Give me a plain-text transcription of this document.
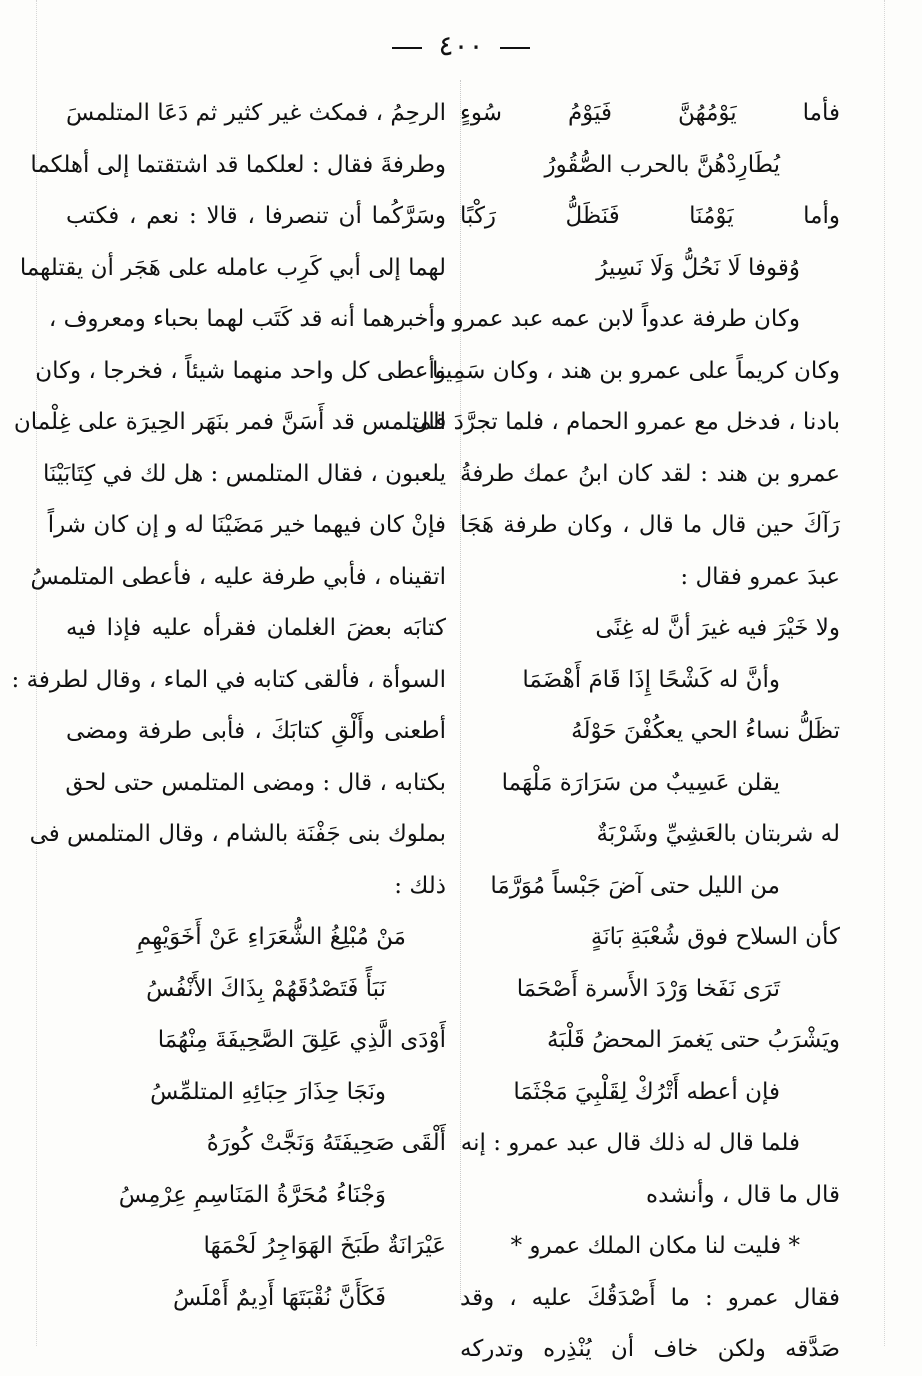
٤٠٠
فأما يَوْمُهُنَّ فَيَوْمُ سُوءٍ
يُطَارِدْهُنَّ بالحرب الصُّقُورُ
وأما يَوْمُنَا فَنَظَلُّ رَكْبًا
وُقوفا لَا نَحُلُّ وَلَا نَسِيرُ
وكان طرفة عدواً لابن عمه عبد عمرو ،
وكان كريماً على عمرو بن هند ، وكان سَمِينا
بادنا ، فدخل مع عمرو الحمام ، فلما تجرَّدَ قال
عمرو بن هند : لقد كان ابنُ عمك طرفةُ
رَآكَ حين قال ما قال ، وكان طرفة هَجَا
عبدَ عمرو فقال :
ولا خَيْرَ فيه غيرَ أنَّ له غِنًى
وأنَّ له كَشْحًا إِذَا قَامَ أَهْضَمَا
تظَلُّ نساءُ الحي يعكُفْنَ حَوْلَهُ
يقلن عَسِيبٌ من سَرَارَة مَلْهَما
له شربتان بالعَشِيِّ وشَرْبَةٌ
من الليل حتى آضَ جَبْساً مُوَرَّمَا
كأن السلاح فوق شُعْبَةِ بَانَةٍ
تَرَى نَفَخا وَرْدَ الأَسرة أَصْحَمَا
ويَشْرَبُ حتى يَغمرَ المحضُ قَلْبَهُ
فإن أعطه أَتْرُكْ لِقَلْبِيَ مَجْثَمَا
فلما قال له ذلك قال عبد عمرو : إنه
قال ما قال ، وأنشده
* فليت لنا مكان الملك عمرو *
فقال عمرو : ما أَصْدَقُكَ عليه ، وقد
صَدَّقه ولكن خاف أن يُنْذِره وتدركه
الرحِمُ ، فمكث غير كثير ثم دَعَا المتلمسَ
وطرفةَ فقال : لعلكما قد اشتقتما إلى أهلكما
وسَرَّكُما أن تنصرفا ، قالا : نعم ، فكتب
لهما إلى أبي كَرِب عامله على هَجَر أن يقتلهما
وأخبرهما أنه قد كَتَب لهما بحباء ومعروف ،
وأعطى كل واحد منهما شيئاً ، فخرجا ، وكان
المتلمس قد أَسَنَّ فمر بنَهَر الحِيرَة على غِلْمان
يلعبون ، فقال المتلمس : هل لك في كِتَابَيْنَا
فإنْ كان فيهما خير مَضَيْنَا له و إن كان شراً
اتقيناه ، فأبي طرفة عليه ، فأعطى المتلمسُ
كتابَه بعضَ الغلمان فقرأه عليه فإذا فيه
السوأة ، فألقى كتابه في الماء ، وقال لطرفة :
أطعنى وأَلْقِ كتابَكَ ، فأبى طرفة ومضى
بكتابه ، قال : ومضى المتلمس حتى لحق
بملوك بنى جَفْنَة بالشام ، وقال المتلمس فى
ذلك :
مَنْ مُبْلِغُ الشُّعَرَاءِ عَنْ أَخَوَيْهِمِ
نَبَأً فَتَصْدُقَهُمْ بِذَاكَ الأَنْفُسُ
أَوْدَى الَّذِي عَلِقَ الصَّحِيفَةَ مِنْهُمَا
ونَجَا حِذَارَ حِبَائِهِ المتلمِّسُ
أَلْقَى صَحِيفَتَهُ وَنَجَّتْ كُورَهُ
وَجْنَاءُ مُحَرَّةُ المَنَاسِمِ عِرْمِسُ
عَيْرَانَةٌ طَبَخَ الهَوَاجِرُ لَحْمَهَا
فَكَأَنَّ نُقْبَتَهَا أَدِيمٌ أَمْلَسُ
